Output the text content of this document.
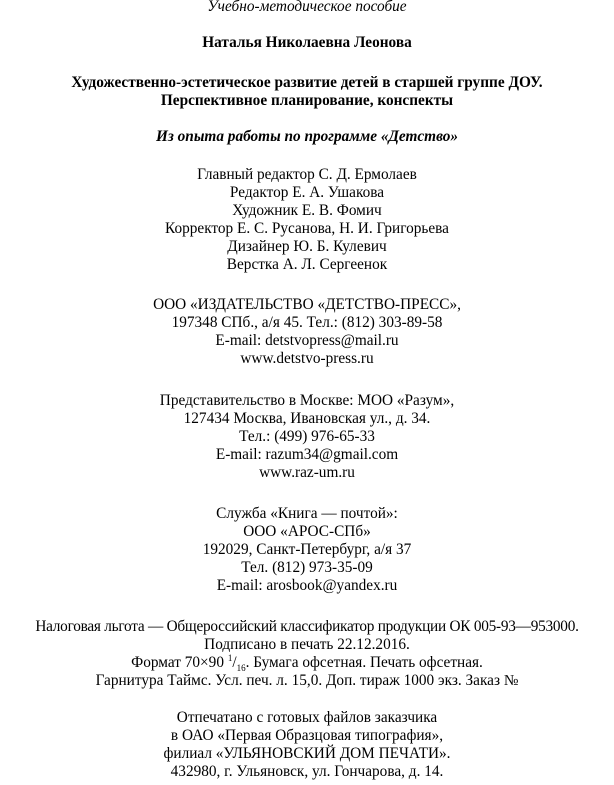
Учебно-методическое пособие
Наталья Николаевна Леонова
Художественно-эстетическое развитие детей в старшей группе ДОУ.
Перспективное планирование, конспекты
Из опыта работы по программе «Детство»
Главный редактор С. Д. Ермолаев
Редактор Е. А. Ушакова
Художник Е. В. Фомич
Корректор Е. С. Русанова, Н. И. Григорьева
Дизайнер Ю. Б. Кулевич
Верстка А. Л. Сергеенок
ООО «ИЗДАТЕЛЬСТВО «ДЕТСТВО-ПРЕСС»,
197348 СПб., а/я 45. Тел.: (812) 303-89-58
E-mail: detstvopress@mail.ru
www.detstvo-press.ru
Представительство в Москве: МОО «Разум»,
127434 Москва, Ивановская ул., д. 34.
Тел.: (499) 976-65-33
E-mail: razum34@gmail.com
www.raz-um.ru
Служба «Книга — почтой»:
ООО «АРОС-СПб»
192029, Санкт-Петербург, а/я 37
Тел. (812) 973-35-09
E-mail: arosbook@yandex.ru
Налоговая льгота — Общероссийский классификатор продукции ОК 005-93—953000.
Подписано в печать 22.12.2016.
Формат 70×90 $^1/_{16}$. Бумага офсетная. Печать офсетная.
Гарнитура Таймс. Усл. печ. л. 15,0. Доп. тираж 1000 экз. Заказ №
Отпечатано с готовых файлов заказчика
в ОАО «Первая Образцовая типография»,
филиал «УЛЬЯНОВСКИЙ ДОМ ПЕЧАТИ».
432980, г. Ульяновск, ул. Гончарова, д. 14.
